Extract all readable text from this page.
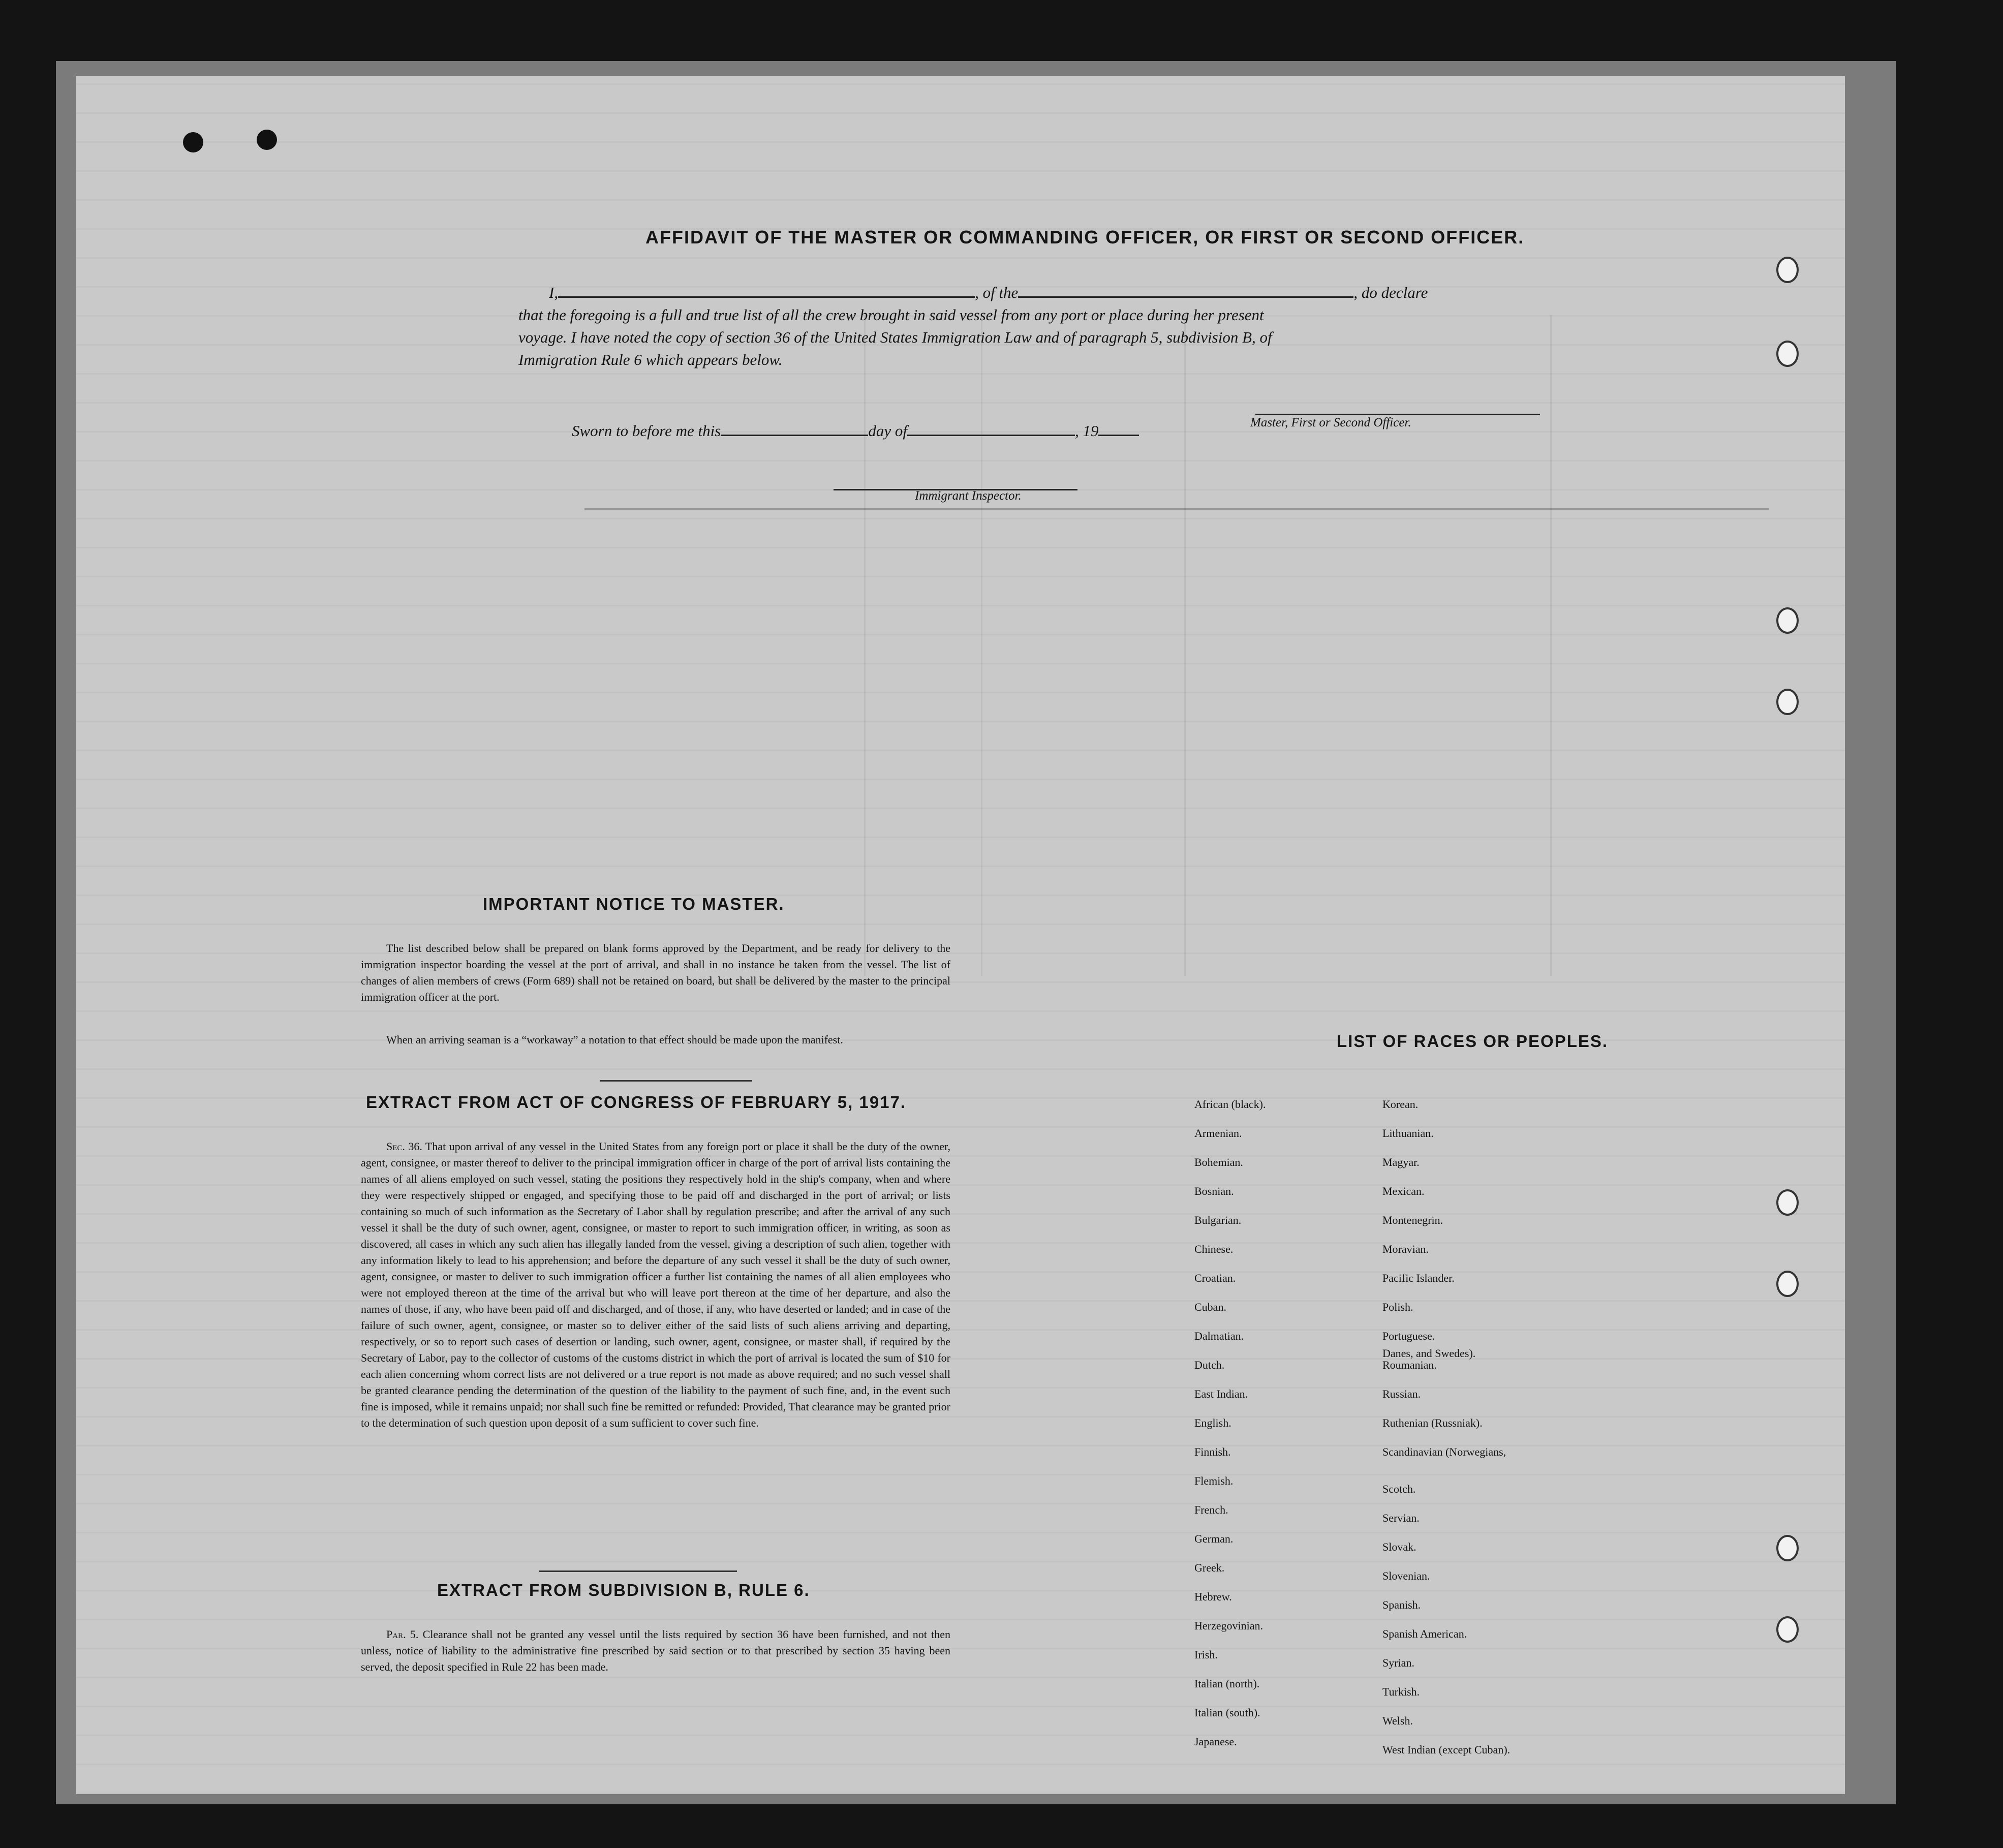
AFFIDAVIT OF THE MASTER OR COMMANDING OFFICER, OR FIRST OR SECOND OFFICER.
I,	, of the	, do declare
that the foregoing is a full and true list of all the crew brought in said vessel from any port or place during her present
voyage. I have noted the copy of section 36 of the United States Immigration Law and of paragraph 5, subdivision B, of
Immigration Rule 6 which appears below.
Master, First or Second Officer.
Sworn to before me this	day of	, 19
Immigrant Inspector.
IMPORTANT NOTICE TO MASTER.
The list described below shall be prepared on blank forms approved by the Department, and be ready for delivery to the immigration inspector boarding the vessel at the port of arrival, and shall in no instance be taken from the vessel. The list of changes of alien members of crews (Form 689) shall not be retained on board, but shall be delivered by the master to the principal immigration officer at the port.
When an arriving seaman is a “workaway” a notation to that effect should be made upon the manifest.
EXTRACT FROM ACT OF CONGRESS OF FEBRUARY 5, 1917.
Sec. 36. That upon arrival of any vessel in the United States from any foreign port or place it shall be the duty of the owner, agent, consignee, or master thereof to deliver to the principal immigration officer in charge of the port of arrival lists containing the names of all aliens employed on such vessel, stating the positions they respectively hold in the ship's company, when and where they were respectively shipped or engaged, and specifying those to be paid off and discharged in the port of arrival; or lists containing so much of such information as the Secretary of Labor shall by regulation prescribe; and after the arrival of any such vessel it shall be the duty of such owner, agent, consignee, or master to report to such immigration officer, in writing, as soon as discovered, all cases in which any such alien has illegally landed from the vessel, giving a description of such alien, together with any information likely to lead to his apprehension; and before the departure of any such vessel it shall be the duty of such owner, agent, consignee, or master to deliver to such immigration officer a further list containing the names of all alien employees who were not employed thereon at the time of the arrival but who will leave port thereon at the time of her departure, and also the names of those, if any, who have been paid off and discharged, and of those, if any, who have deserted or landed; and in case of the failure of such owner, agent, consignee, or master so to deliver either of the said lists of such aliens arriving and departing, respectively, or so to report such cases of desertion or landing, such owner, agent, consignee, or master shall, if required by the Secretary of Labor, pay to the collector of customs of the customs district in which the port of arrival is located the sum of $10 for each alien concerning whom correct lists are not delivered or a true report is not made as above required; and no such vessel shall be granted clearance pending the determination of the question of the liability to the payment of such fine, and, in the event such fine is imposed, while it remains unpaid; nor shall such fine be remitted or refunded: Provided, That clearance may be granted prior to the determination of such question upon deposit of a sum sufficient to cover such fine.
EXTRACT FROM SUBDIVISION B, RULE 6.
Par. 5. Clearance shall not be granted any vessel until the lists required by section 36 have been furnished, and not then unless, notice of liability to the administrative fine prescribed by said section or to that prescribed by section 35 having been served, the deposit specified in Rule 22 has been made.
LIST OF RACES OR PEOPLES.
African (black).
Armenian.
Bohemian.
Bosnian.
Bulgarian.
Chinese.
Croatian.
Cuban.
Dalmatian.
Dutch.
East Indian.
English.
Finnish.
Flemish.
French.
German.
Greek.
Hebrew.
Herzegovinian.
Irish.
Italian (north).
Italian (south).
Japanese.
Korean.
Lithuanian.
Magyar.
Mexican.
Montenegrin.
Moravian.
Pacific Islander.
Polish.
Portuguese.
Roumanian.
Russian.
Ruthenian (Russniak).
Scandinavian (Norwegians,
Scotch.
Servian.
Slovak.
Slovenian.
Spanish.
Spanish American.
Syrian.
Turkish.
Welsh.
West Indian (except Cuban).
Danes, and Swedes).
